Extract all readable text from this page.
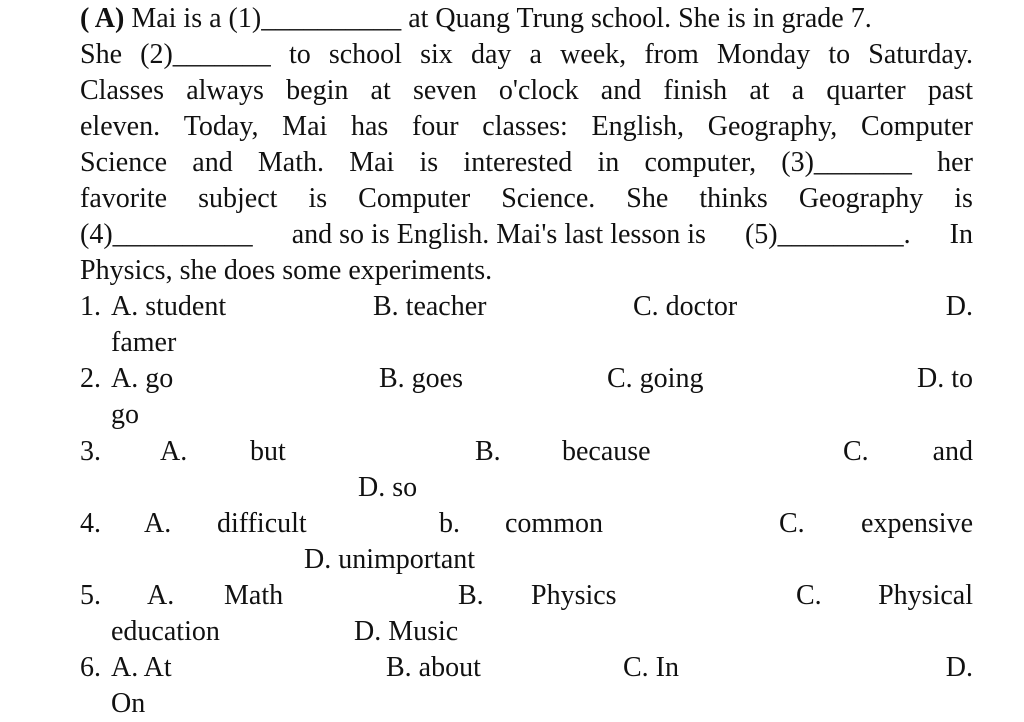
( A) Mai is a (1)__________ at Quang Trung school. She is in grade 7.
She (2)_______ to school six day a week, from Monday to Saturday.
Classes always begin at seven o'clock and finish at a quarter past
eleven. Today, Mai has four classes: English, Geography, Computer
Science and Math. Mai is interested in computer, (3)_______ her
favorite subject is Computer Science. She thinks Geography is
(4)__________ and so is English. Mai's last lesson is (5)_________. In
Physics, she does some experiments.
1. A. student	B. teacher	C. doctor	D.
famer
2. A. go	B. goes	C. going	D. to
go
3. A. but	B. because	C. and
D. so
4. A. difficult	b. common	C. expensive
D. unimportant
5. A. Math	B. Physics	C. Physical
education	D. Music
6. A. At	B. about	C. In	D.
On
